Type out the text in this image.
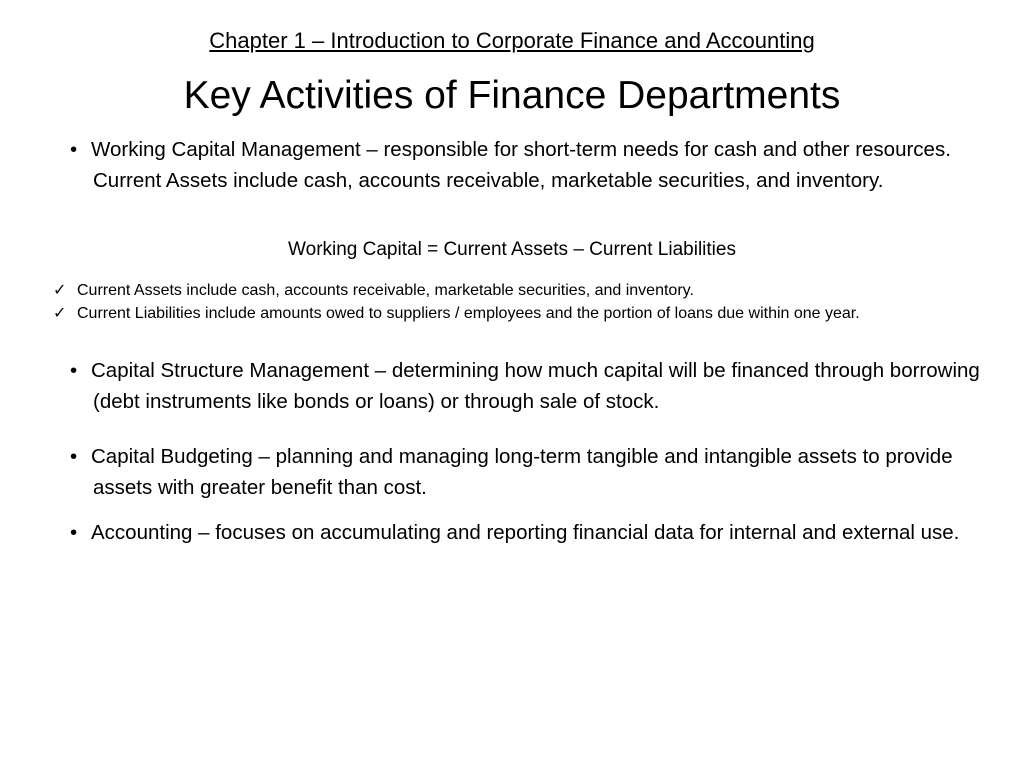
Chapter 1 – Introduction to Corporate Finance and Accounting
Key Activities of Finance Departments
• Working Capital Management – responsible for short-term needs for cash and other resources. Current Assets include cash, accounts receivable, marketable securities, and inventory.
Working Capital = Current Assets – Current Liabilities
✓ Current Assets include cash, accounts receivable, marketable securities, and inventory.
✓ Current Liabilities include amounts owed to suppliers / employees and the portion of loans due within one year.
• Capital Structure Management – determining how much capital will be financed through borrowing (debt instruments like bonds or loans) or through sale of stock.
• Capital Budgeting – planning and managing long-term tangible and intangible assets to provide assets with greater benefit than cost.
• Accounting – focuses on accumulating and reporting financial data for internal and external use.
